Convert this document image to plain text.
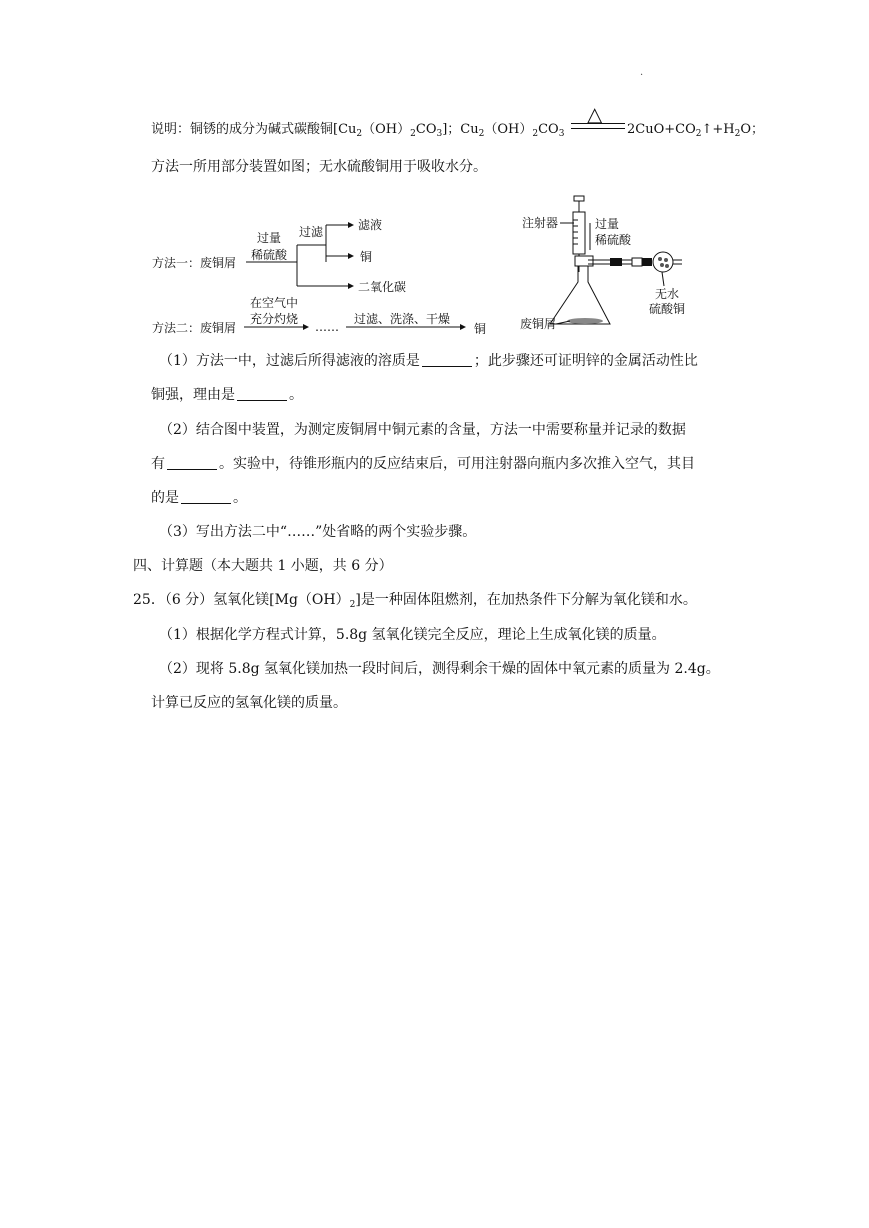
·
说明：铜锈的成分为碱式碳酸铜$[Cu_2(OH)_2CO_3]$；$Cu_2(OH)_2CO_3$
△
$2CuO+CO_2↑+H_2O$；
方法一所用部分装置如图；无水硫酸铜用于吸收水分。
方法一：废铜屑
过量
稀硫酸
过滤	滤液
铜
二氧化碳
方法二：废铜屑
在空气中
充分灼烧
……
过滤、洗涤、干燥
铜
注射器	过量
稀硫酸
废铜屑
无水
硫酸铜
（1）方法一中，过滤后所得滤液的溶质是	；此步骤还可证明锌的金属活动性比
铜强，理由是	。
（2）结合图中装置，为测定废铜屑中铜元素的含量，方法一中需要称量并记录的数据
有	。实验中，待锥形瓶内的反应结束后，可用注射器向瓶内多次推入空气，其目
的是	。
（3）写出方法二中“……”处省略的两个实验步骤。
四、计算题（本大题共 1 小题，共 6 分）
25．（6 分）氢氧化镁$[Mg(OH)_2]$是一种固体阻燃剂，在加热条件下分解为氧化镁和水。
（1）根据化学方程式计算，5.8g 氢氧化镁完全反应，理论上生成氧化镁的质量。
（2）现将 5.8g 氢氧化镁加热一段时间后，测得剩余干燥的固体中氧元素的质量为 2.4g。
计算已反应的氢氧化镁的质量。
